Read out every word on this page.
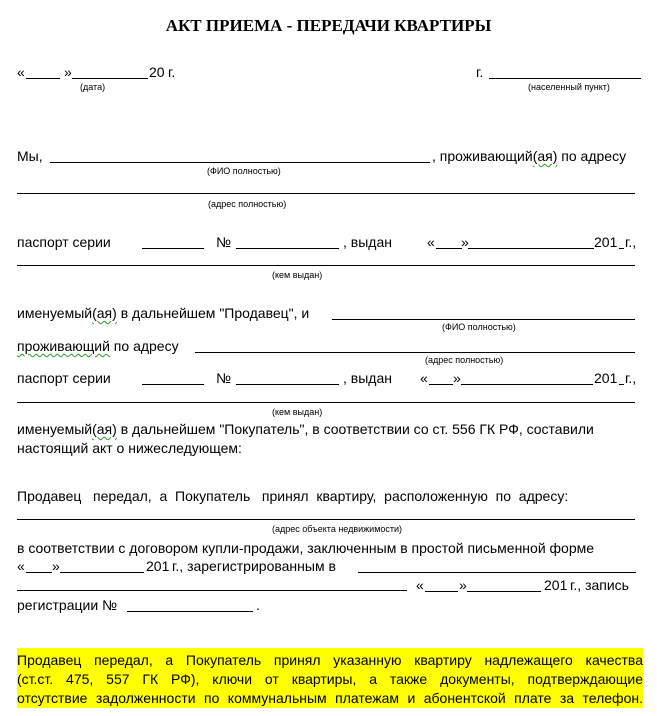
АКТ ПРИЕМА - ПЕРЕДАЧИ КВАРТИРЫ
«	»	20 г.
(дата)
г.
(населенный пункт)
Мы,	, проживающий(ая) по адресу
(ФИО полностью)
(адрес полностью)
паспорт серии	№	, выдан	« »	201 г.,
(кем выдан)
именуемый(ая) в дальнейшем "Продавец", и
(ФИО полностью)
проживающий по адресу
(адрес полностью)
паспорт серии	№	, выдан « »	201 г.,
(кем выдан)
именуемый(ая) в дальнейшем "Покупатель", в соответствии со ст. 556 ГК РФ, составили
настоящий акт о нижеследующем:
Продавец   передал,  а  Покупатель   принял  квартиру,  расположенную  по  адресу:
(адрес объекта недвижимости)
в соответствии с договором купли-продажи, заключенным в простой письменной форме
« »	201 г., зарегистрированным в
«	»	201 г., запись
регистрации №	.
Продавец передал, а Покупатель принял указанную квартиру надлежащего качества
(ст.ст. 475, 557 ГК РФ), ключи от квартиры, а также документы, подтверждающие
отсутствие задолженности по коммунальным платежам и абонентской плате за телефон.
